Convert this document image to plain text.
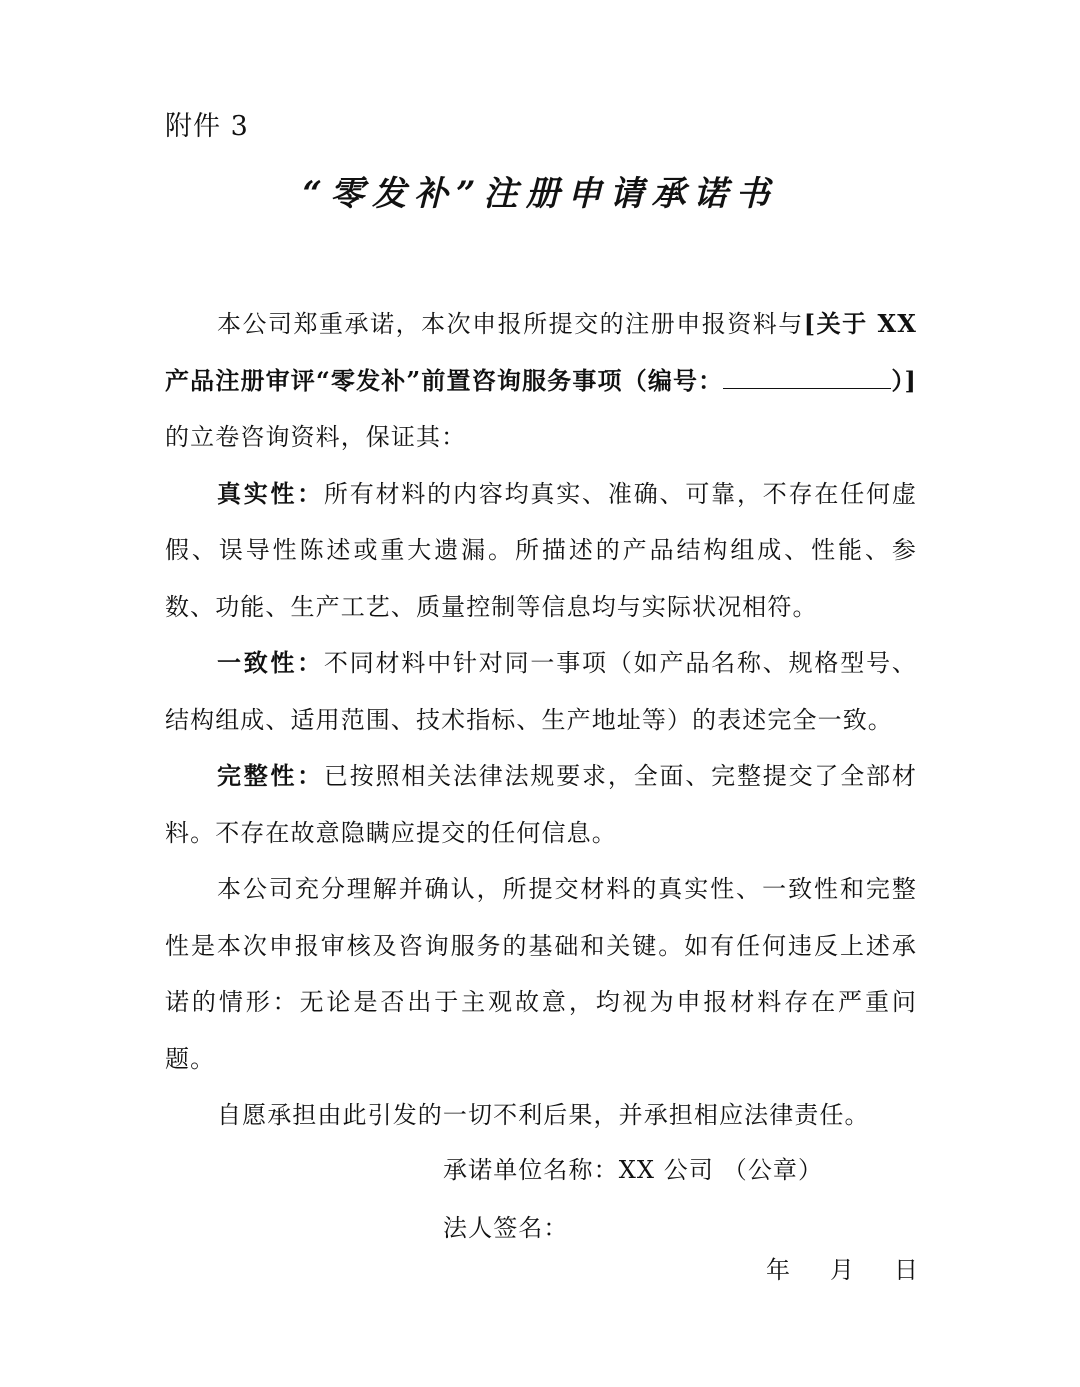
附件 3
“零发补”注册申请承诺书

本公司郑重承诺，本次申报所提交的注册申报资料与[关于 XX 产品注册审评“零发补”前置咨询服务事项（编号：	）]的立卷咨询资料，保证其：

真实性：所有材料的内容均真实、准确、可靠，不存在任何虚假、误导性陈述或重大遗漏。所描述的产品结构组成、性能、参数、功能、生产工艺、质量控制等信息均与实际状况相符。

一致性：不同材料中针对同一事项（如产品名称、规格型号、结构组成、适用范围、技术指标、生产地址等）的表述完全一致。

完整性：已按照相关法律法规要求，全面、完整提交了全部材料。不存在故意隐瞒应提交的任何信息。

本公司充分理解并确认，所提交材料的真实性、一致性和完整性是本次申报审核及咨询服务的基础和关键。如有任何违反上述承诺的情形：无论是否出于主观故意，均视为申报材料存在严重问题。

自愿承担由此引发的一切不利后果，并承担相应法律责任。

承诺单位名称：XX 公司 （公章）
法人签名：
年 月 日
